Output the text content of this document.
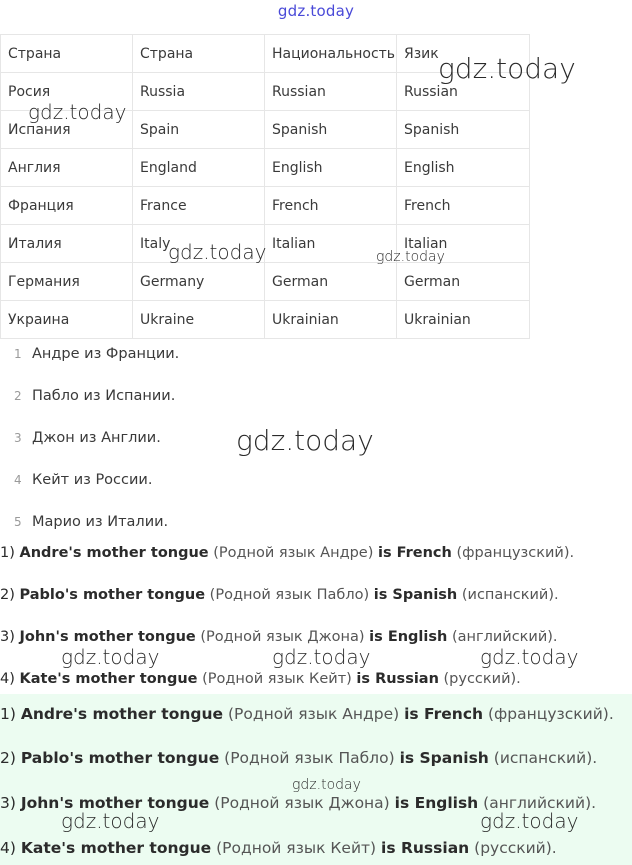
gdz.today
Страна	Страна	Национальность	Язик
Росия	Russia	Russian	Russian
Испания	Spain	Spanish	Spanish
Англия	England	English	English
Франция	France	French	French
Италия	Italy	Italian	Italian
Германия	Germany	German	German
Украина	Ukraine	Ukrainian	Ukrainian
1 Андре из Франции.
2 Пабло из Испании.
3 Джон из Англии.
4 Кейт из России.
5 Марио из Италии.
1) Andre's mother tongue (Родной язык Андре) is French (французский).
2) Pablo's mother tongue (Родной язык Пабло) is Spanish (испанский).
3) John's mother tongue (Родной язык Джона) is English (английский).
4) Kate's mother tongue (Родной язык Кейт) is Russian (русский).
1) Andre's mother tongue (Родной язык Андре) is French (французский).
2) Pablo's mother tongue (Родной язык Пабло) is Spanish (испанский).
3) John's mother tongue (Родной язык Джона) is English (английский).
4) Kate's mother tongue (Родной язык Кейт) is Russian (русский).
gdz.today
gdz.today
gdz.today	gdz.today
gdz.today
gdz.today	gdz.today	gdz.today
gdz.today
gdz.today	gdz.today
